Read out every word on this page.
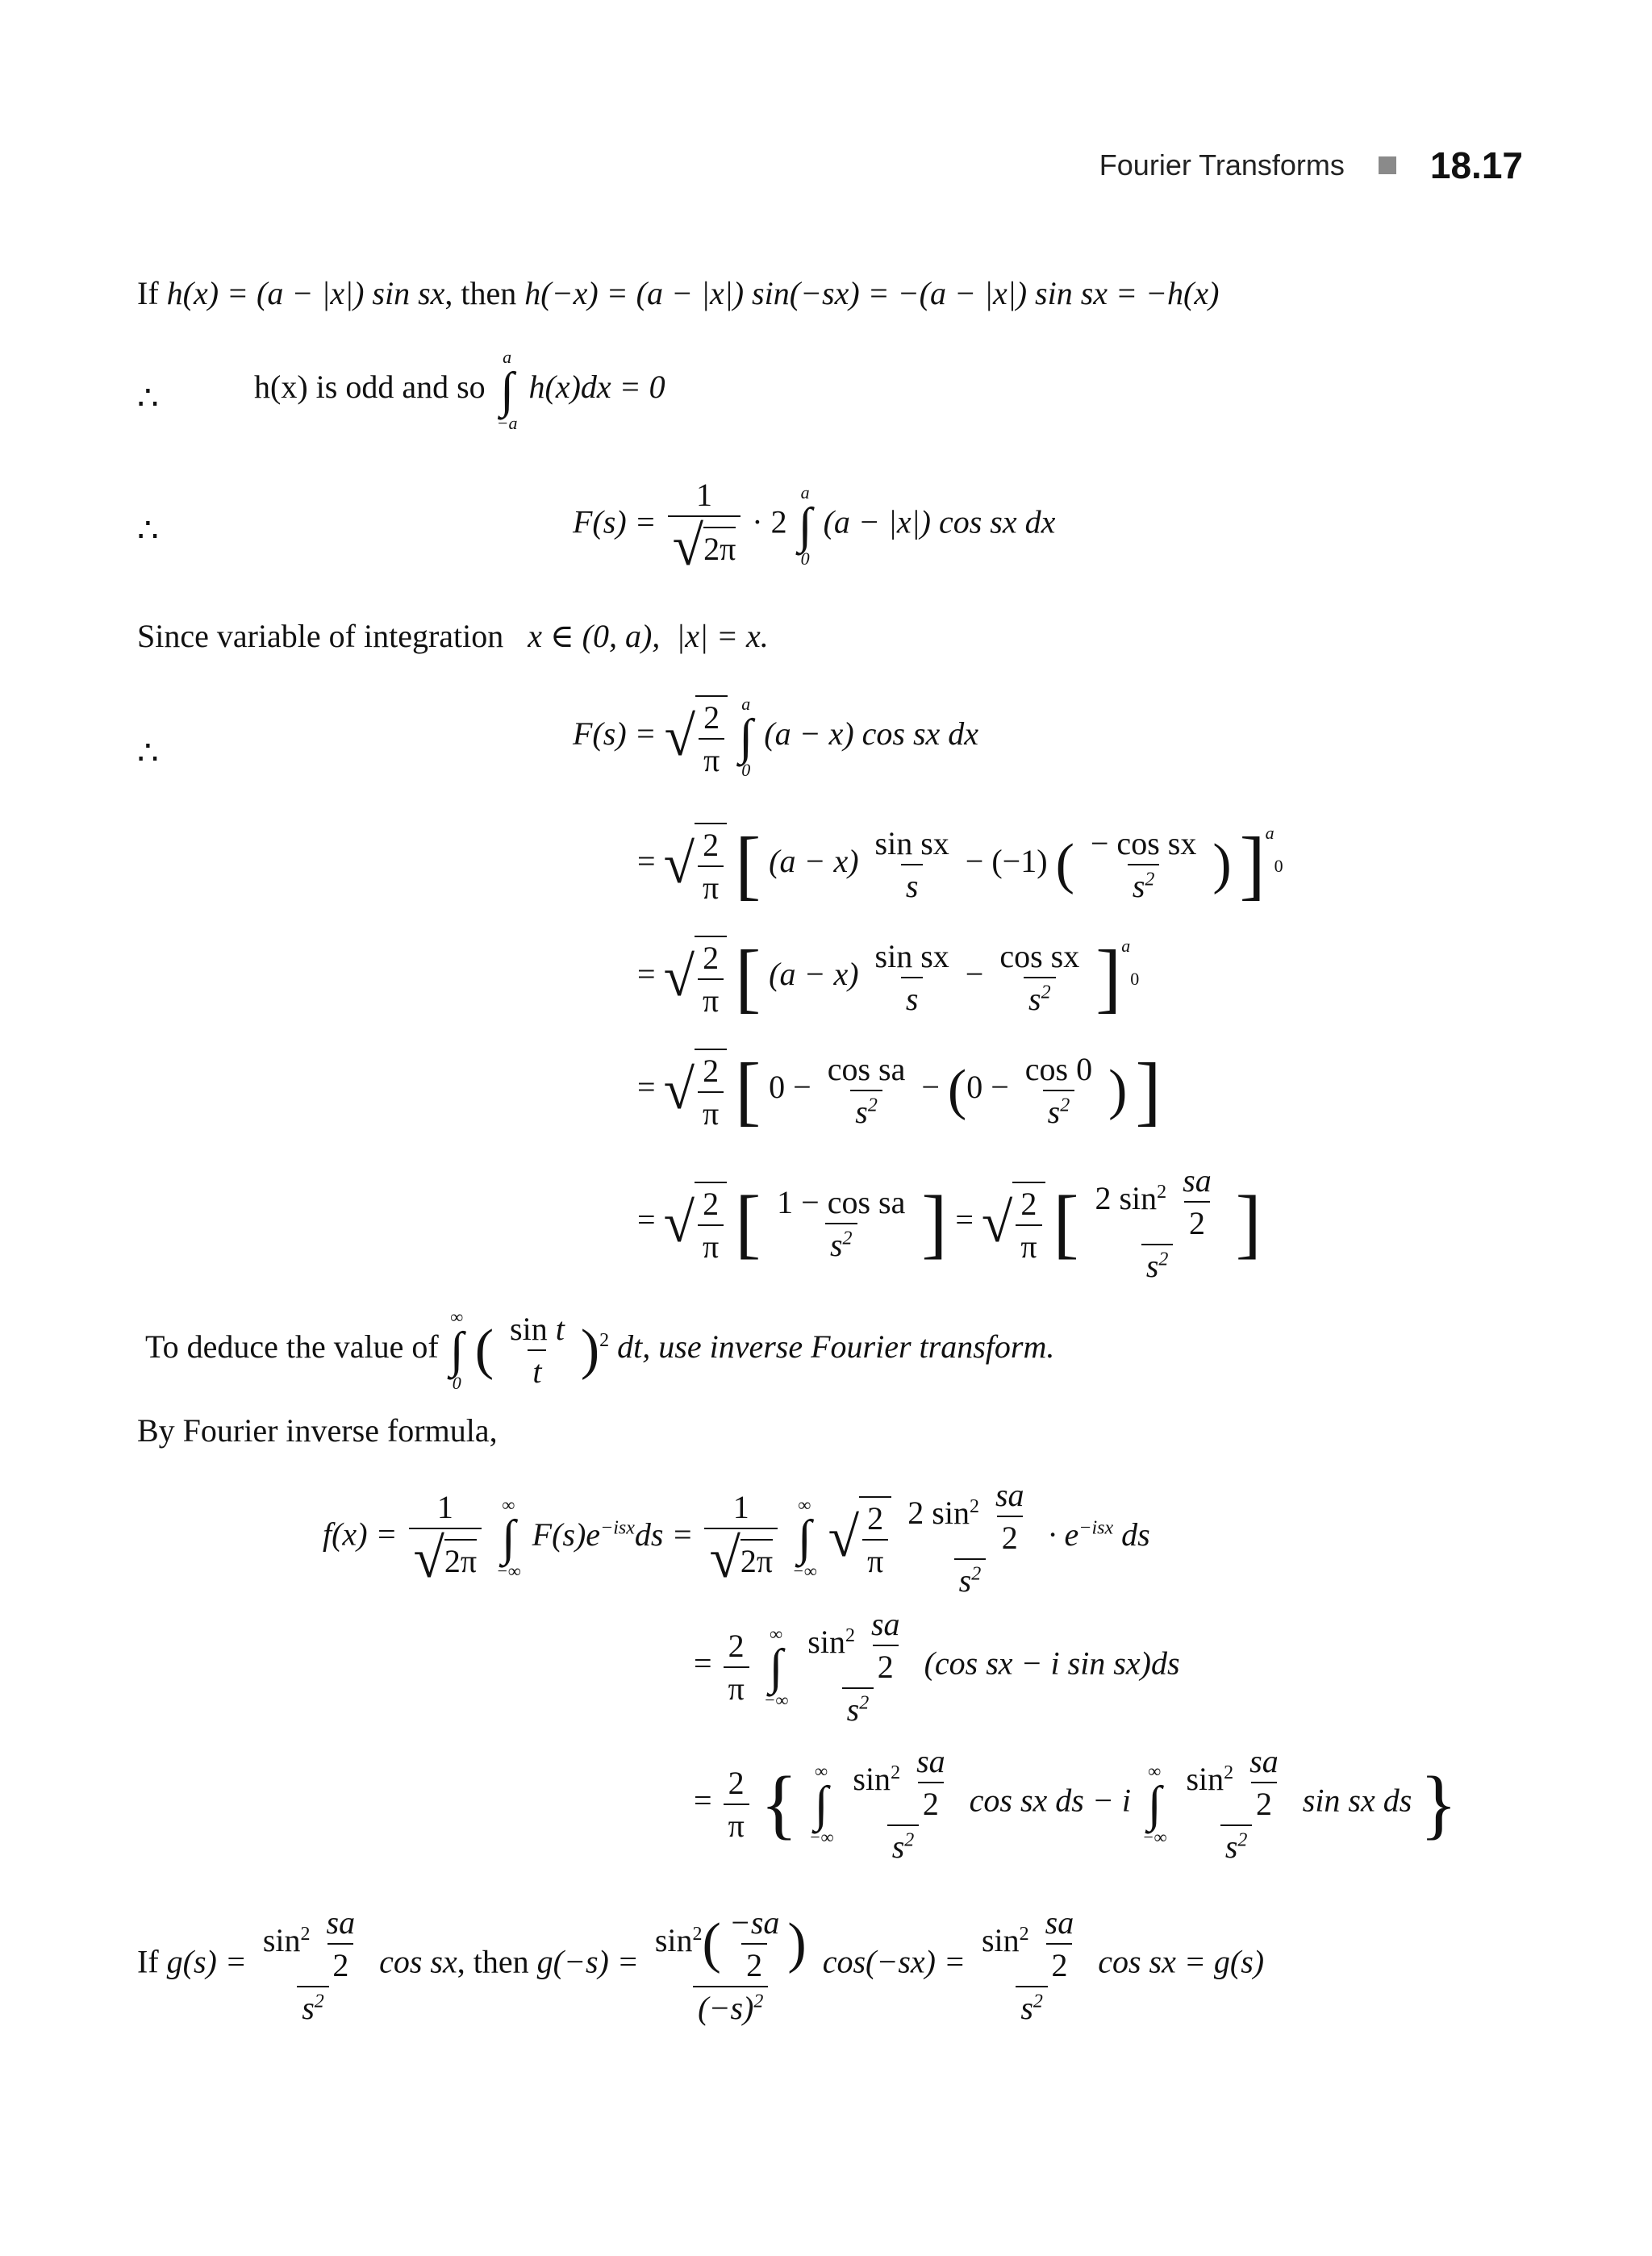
Fourier Transforms 18.17
If h(x) = (a − |x|) sin sx, then h(−x) = (a − |x|) sin(−sx) = −(a − |x|) sin sx = −h(x)
∴	h(x) is odd and so
a
∫
−a
h(x)dx = 0
∴	$F(s) = \frac{1}{√ 2\pi} \cdot 2$
a
∫
0
(a − |x|) cos sx dx
Since variable of integration   x ∈ (0, a),  |x| = x.
∴
F(s) = √ $\frac{2}{\pi}$
a
∫
0
(a − x) cos sx dx
= √ $\frac{2}{\pi}$ [ $(a - x) \frac{\text{sin sx}}{s} - (-1)$ ( $\frac{\text{− cos sx}}{s^2}$ ) ]$^a$0
= √ $\frac{2}{\pi}$ [ $(a - x) \frac{\text{sin sx}}{s} - \frac{\text{cos sx}}{s^2} ]^a0$
= √ $\frac{2}{\pi}$ [ $0 - \frac{\text{cos sa}}{s^2} - (0 - \frac{\cos 0}{s^2}$ ) ]
= √ $\frac{2}{\pi}$ [ $\frac{\text{1 − cos sa}}{s^2}$ ] = √ $\frac{2}{\pi}$ [ $\frac{2 \sin^2 \frac{sa}{2}}{s^2}$ ]
To deduce the value of
∞
∫
0
( $\frac{\text{sin t}}{t} )^2$ dt, use inverse Fourier transform.
By Fourier inverse formula,
$f(x) = \frac{1}{√ 2\pi}$
∞
∫
−∞
$F(s)e^{-isx}ds = \frac{1}{√ 2\pi}$
∞
∫
−∞

√ $\frac{2}{\pi}$
$\frac{2 \sin^2 \frac{sa}{2}}{s^2} \cdot e^{-isx}$ ds
= $\frac{2}{\pi}$
∞
∫
−∞
$\frac{\sin^2 \frac{sa}{2}}{s^2} (\cos$ sx − i sin sx)ds
= $\frac{2}{\pi}$ { ∞
∫
−∞
$\frac{\sin^2 \frac{sa}{2}}{s^2}$ cos sx ds − i
∞
∫
−∞
$\frac{\sin^2 \frac{sa}{2}}{s^2}$ sin sx ds }
If $g(s) = \frac{\sin^2 \frac{sa}{2}}{s^2}$ cos sx, then $g(-s) = \frac{\sin^2( \frac{-sa}{2} )}{(-s)^2} \cos(-sx) = \frac{\sin^2 \frac{sa}{2}}{s^2}$ cos sx = g(s)
